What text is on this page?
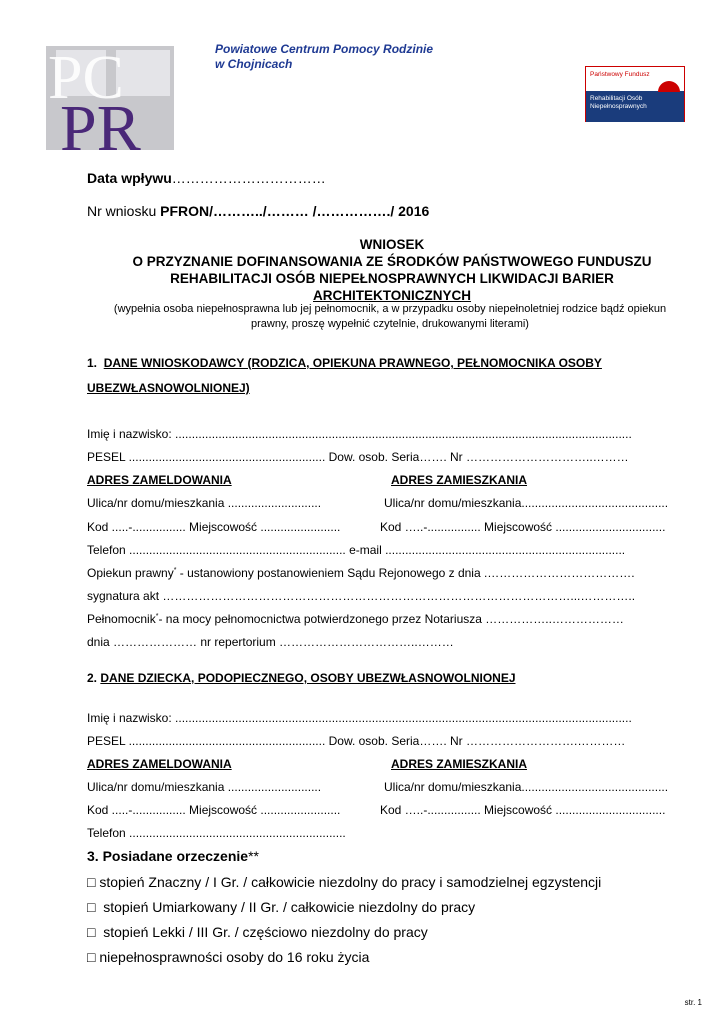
PC
PR
Powiatowe Centrum Pomocy Rodzinie
w Chojnicach
Państwowy Fundusz
Rehabilitacji Osób
Niepełnosprawnych
Data wpływu……………………………
Nr wniosku PFRON/………../……… /……………./ 2016
WNIOSEK
O PRZYZNANIE DOFINANSOWANIA ZE ŚRODKÓW PAŃSTWOWEGO FUNDUSZU
REHABILITACJI OSÓB NIEPEŁNOSPRAWNYCH LIKWIDACJI BARIER
ARCHITEKTONICZNYCH
(wypełnia osoba niepełnosprawna lub jej pełnomocnik, a w przypadku osoby niepełnoletniej rodzice bądź opiekun
prawny, proszę wypełnić czytelnie, drukowanymi literami)
1. DANE WNIOSKODAWCY (RODZICA, OPIEKUNA PRAWNEGO, PEŁNOMOCNIKA OSOBY
UBEZWŁASNOWOLNIONEJ)
Imię i nazwisko: .........................................................................................................................................
PESEL ........................................................... Dow. osob. Seria……. Nr …………………………..………
ADRES ZAMELDOWANIA	ADRES ZAMIESZKANIA
Ulica/nr domu/mieszkania ............................	Ulica/nr domu/mieszkania............................................
Kod .....-................ Miejscowość ........................	Kod …..-................ Miejscowość .................................
Telefon ................................................................. e-mail ........................................................................
Opiekun prawny* - ustanowiony postanowieniem Sądu Rejonowego z dnia .……………………………….
sygnatura akt …………………………………………………………………………………………...…………..
Pełnomocnik*- na mocy pełnomocnictwa potwierdzonego przez Notariusza ……………..………………
dnia ………………… nr repertorium ……………………………..………
2. DANE DZIECKA, PODOPIECZNEGO, OSOBY UBEZWŁASNOWOLNIONEJ
Imię i nazwisko: .........................................................................................................................................
PESEL ........................................................... Dow. osob. Seria……. Nr ……………………….…………
ADRES ZAMELDOWANIA	ADRES ZAMIESZKANIA
Ulica/nr domu/mieszkania ............................	Ulica/nr domu/mieszkania............................................
Kod .....-................ Miejscowość ........................	Kod …..-................ Miejscowość .................................
Telefon .................................................................
3. Posiadane orzeczenie**
□ stopień Znaczny / I Gr. / całkowicie niezdolny do pracy i samodzielnej egzystencji
□ stopień Umiarkowany / II Gr. / całkowicie niezdolny do pracy
□ stopień Lekki / III Gr. / częściowo niezdolny do pracy
□ niepełnosprawności osoby do 16 roku życia
str. 1
